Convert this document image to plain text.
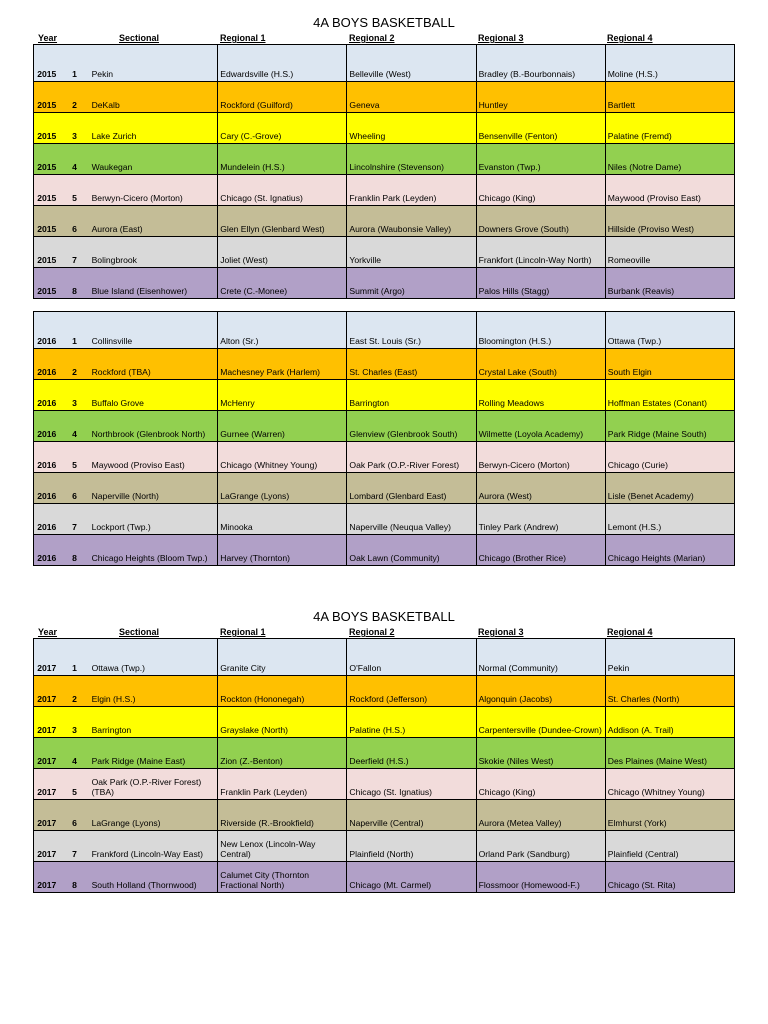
4A BOYS BASKETBALL
Year	Sectional	Regional 1	Regional 2	Regional 3	Regional 4
2015	1	Pekin	Edwardsville (H.S.)	Belleville (West)	Bradley (B.-Bourbonnais)	Moline (H.S.)
2015	2	DeKalb	Rockford (Guilford)	Geneva	Huntley	Bartlett
2015	3	Lake Zurich	Cary (C.-Grove)	Wheeling	Bensenville (Fenton)	Palatine (Fremd)
2015	4	Waukegan	Mundelein (H.S.)	Lincolnshire (Stevenson)	Evanston (Twp.)	Niles (Notre Dame)
2015	5	Berwyn-Cicero (Morton)	Chicago (St. Ignatius)	Franklin Park (Leyden)	Chicago (King)	Maywood (Proviso East)
2015	6	Aurora (East)	Glen Ellyn (Glenbard West)	Aurora (Waubonsie Valley)	Downers Grove (South)	Hillside (Proviso West)
2015	7	Bolingbrook	Joliet (West)	Yorkville	Frankfort (Lincoln-Way North)	Romeoville
2015	8	Blue Island (Eisenhower)	Crete (C.-Monee)	Summit (Argo)	Palos Hills (Stagg)	Burbank (Reavis)
2016	1	Collinsville	Alton (Sr.)	East St. Louis (Sr.)	Bloomington (H.S.)	Ottawa (Twp.)
2016	2	Rockford (TBA)	Machesney Park (Harlem)	St. Charles (East)	Crystal Lake (South)	South Elgin
2016	3	Buffalo Grove	McHenry	Barrington	Rolling Meadows	Hoffman Estates (Conant)
2016	4	Northbrook (Glenbrook North)	Gurnee (Warren)	Glenview (Glenbrook South)	Wilmette (Loyola Academy)	Park Ridge (Maine South)
2016	5	Maywood (Proviso East)	Chicago (Whitney Young)	Oak Park (O.P.-River Forest)	Berwyn-Cicero (Morton)	Chicago (Curie)
2016	6	Naperville (North)	LaGrange (Lyons)	Lombard (Glenbard East)	Aurora (West)	Lisle (Benet Academy)
2016	7	Lockport (Twp.)	Minooka	Naperville (Neuqua Valley)	Tinley Park (Andrew)	Lemont (H.S.)
2016	8	Chicago Heights (Bloom Twp.)	Harvey (Thornton)	Oak Lawn (Community)	Chicago (Brother Rice)	Chicago Heights (Marian)
4A BOYS BASKETBALL
Year	Sectional	Regional 1	Regional 2	Regional 3	Regional 4
2017	1	Ottawa (Twp.)	Granite City	O'Fallon	Normal (Community)	Pekin
2017	2	Elgin (H.S.)	Rockton (Hononegah)	Rockford (Jefferson)	Algonquin (Jacobs)	St. Charles (North)
2017	3	Barrington	Grayslake (North)	Palatine (H.S.)	Carpentersville (Dundee-Crown)	Addison (A. Trail)
2017	4	Park Ridge (Maine East)	Zion (Z.-Benton)	Deerfield (H.S.)	Skokie (Niles West)	Des Plaines (Maine West)
2017	5	Oak Park (O.P.-River Forest) (TBA)	Franklin Park (Leyden)	Chicago (St. Ignatius)	Chicago (King)	Chicago (Whitney Young)
2017	6	LaGrange (Lyons)	Riverside (R.-Brookfield)	Naperville (Central)	Aurora (Metea Valley)	Elmhurst (York)
2017	7	Frankford (Lincoln-Way East)	New Lenox (Lincoln-Way Central)	Plainfield (North)	Orland Park (Sandburg)	Plainfield (Central)
2017	8	South Holland (Thornwood)	Calumet City (Thornton Fractional North)	Chicago (Mt. Carmel)	Flossmoor (Homewood-F.)	Chicago (St. Rita)
